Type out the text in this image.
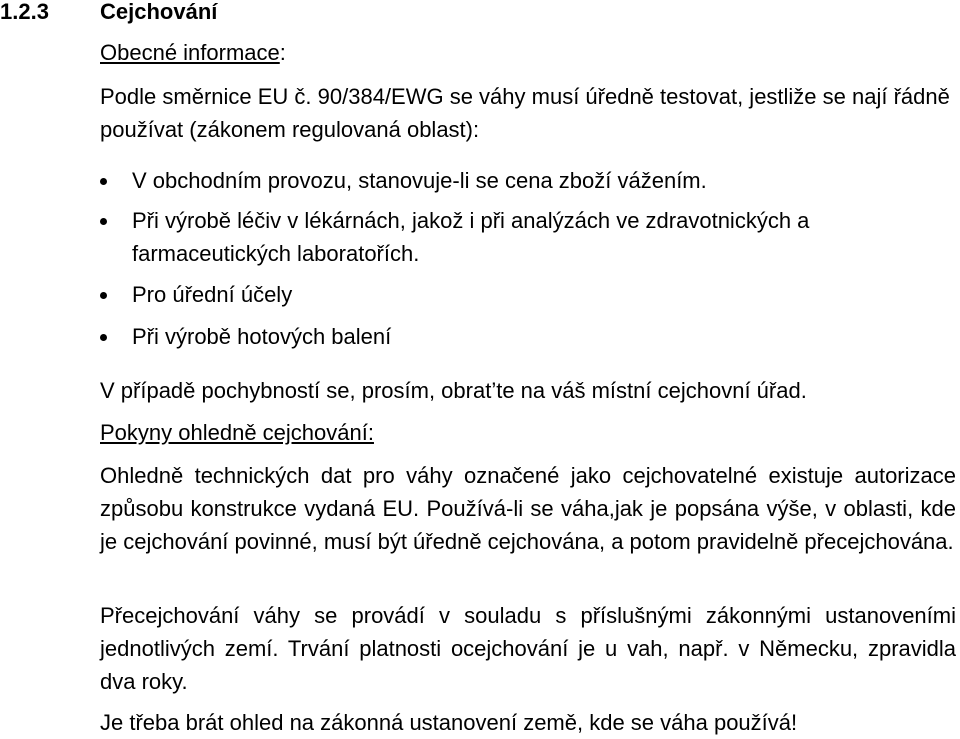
1.2.3 Cejchování
Obecné informace:
Podle směrnice EU č. 90/384/EWG se váhy musí úředně testovat, jestliže se nají řádně používat (zákonem regulovaná oblast):
V obchodním provozu, stanovuje-li se cena zboží vážením.
Při výrobě léčiv v lékárnách, jakož i při analýzách ve zdravotnických a farmaceutických laboratořích.
Pro úřední účely
Při výrobě hotových balení
V případě pochybností se, prosím, obrat’te na váš místní cejchovní úřad.
Pokyny ohledně cejchování:
Ohledně technických dat pro váhy označené jako cejchovatelné existuje autorizace způsobu konstrukce vydaná EU. Používá-li se váha,jak je popsána výše, v oblasti, kde je cejchování povinné, musí být úředně cejchována, a potom pravidelně přecejchována.
Přecejchování váhy se provádí v souladu s příslušnými zákonnými ustanoveními jednotlivých zemí. Trvání platnosti ocejchování je u vah, např. v Německu, zpravidla dva roky.
Je třeba brát ohled na zákonná ustanovení země, kde se váha používá!
